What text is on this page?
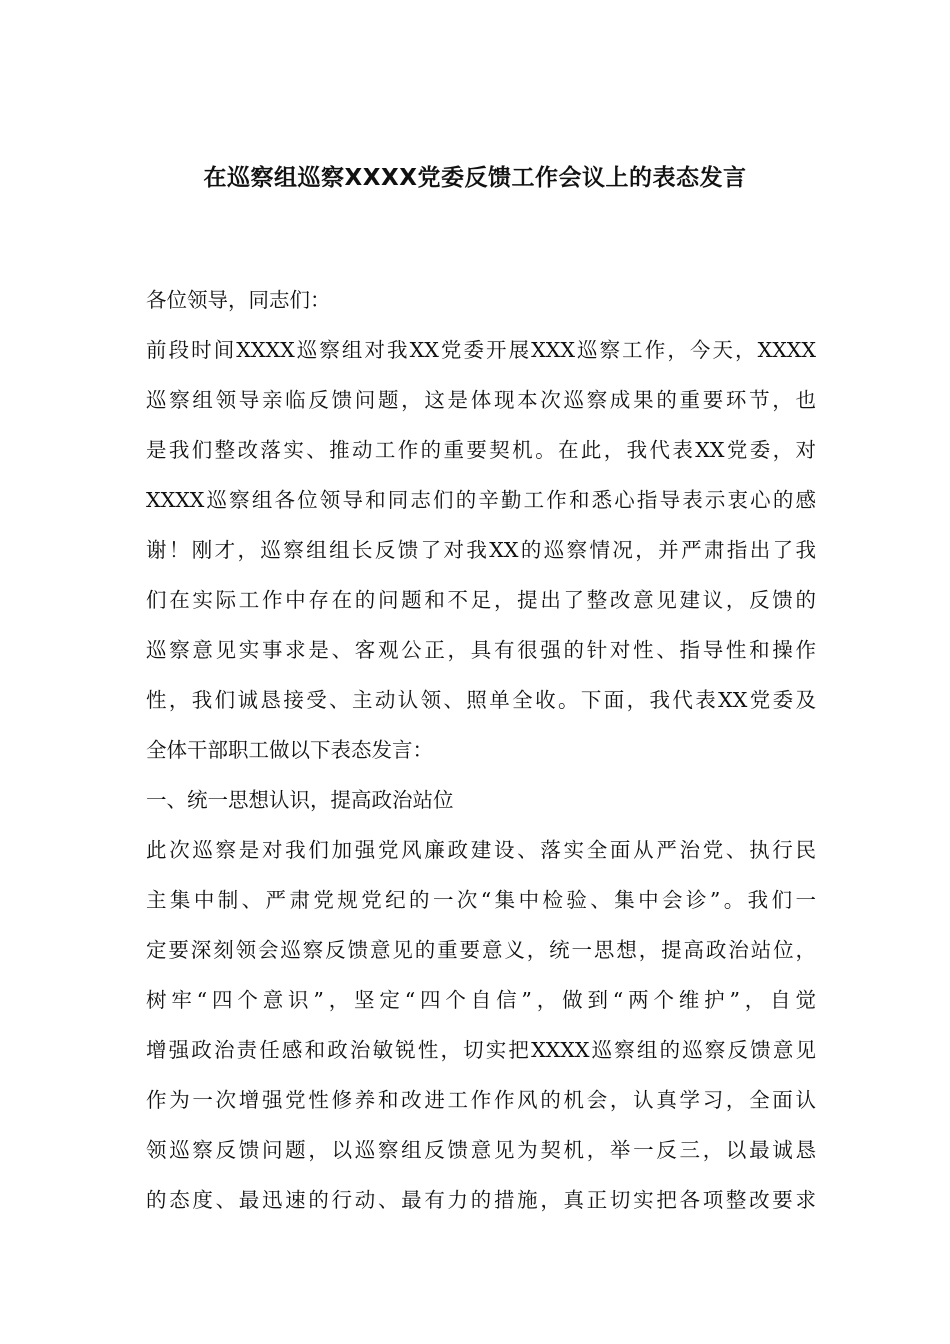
在巡察组巡察XXXX党委反馈工作会议上的表态发言
各位领导，同志们：
前段时间XXXX巡察组对我XX党委开展XXX巡察工作，今天，XXXX
巡察组领导亲临反馈问题，这是体现本次巡察成果的重要环节，也
是我们整改落实、推动工作的重要契机。在此，我代表XX党委，对
XXXX巡察组各位领导和同志们的辛勤工作和悉心指导表示衷心的感
谢！刚才，巡察组组长反馈了对我XX的巡察情况，并严肃指出了我
们在实际工作中存在的问题和不足，提出了整改意见建议，反馈的
巡察意见实事求是、客观公正，具有很强的针对性、指导性和操作
性，我们诚恳接受、主动认领、照单全收。下面，我代表XX党委及
全体干部职工做以下表态发言：
一、统一思想认识，提高政治站位
此次巡察是对我们加强党风廉政建设、落实全面从严治党、执行民
主集中制、严肃党规党纪的一次“集中检验、集中会诊”。我们一
定要深刻领会巡察反馈意见的重要意义，统一思想，提高政治站位，
树牢“四个意识”，坚定“四个自信”，做到“两个维护”，自觉
增强政治责任感和政治敏锐性，切实把XXXX巡察组的巡察反馈意见
作为一次增强党性修养和改进工作作风的机会，认真学习，全面认
领巡察反馈问题，以巡察组反馈意见为契机，举一反三，以最诚恳
的态度、最迅速的行动、最有力的措施，真正切实把各项整改要求
